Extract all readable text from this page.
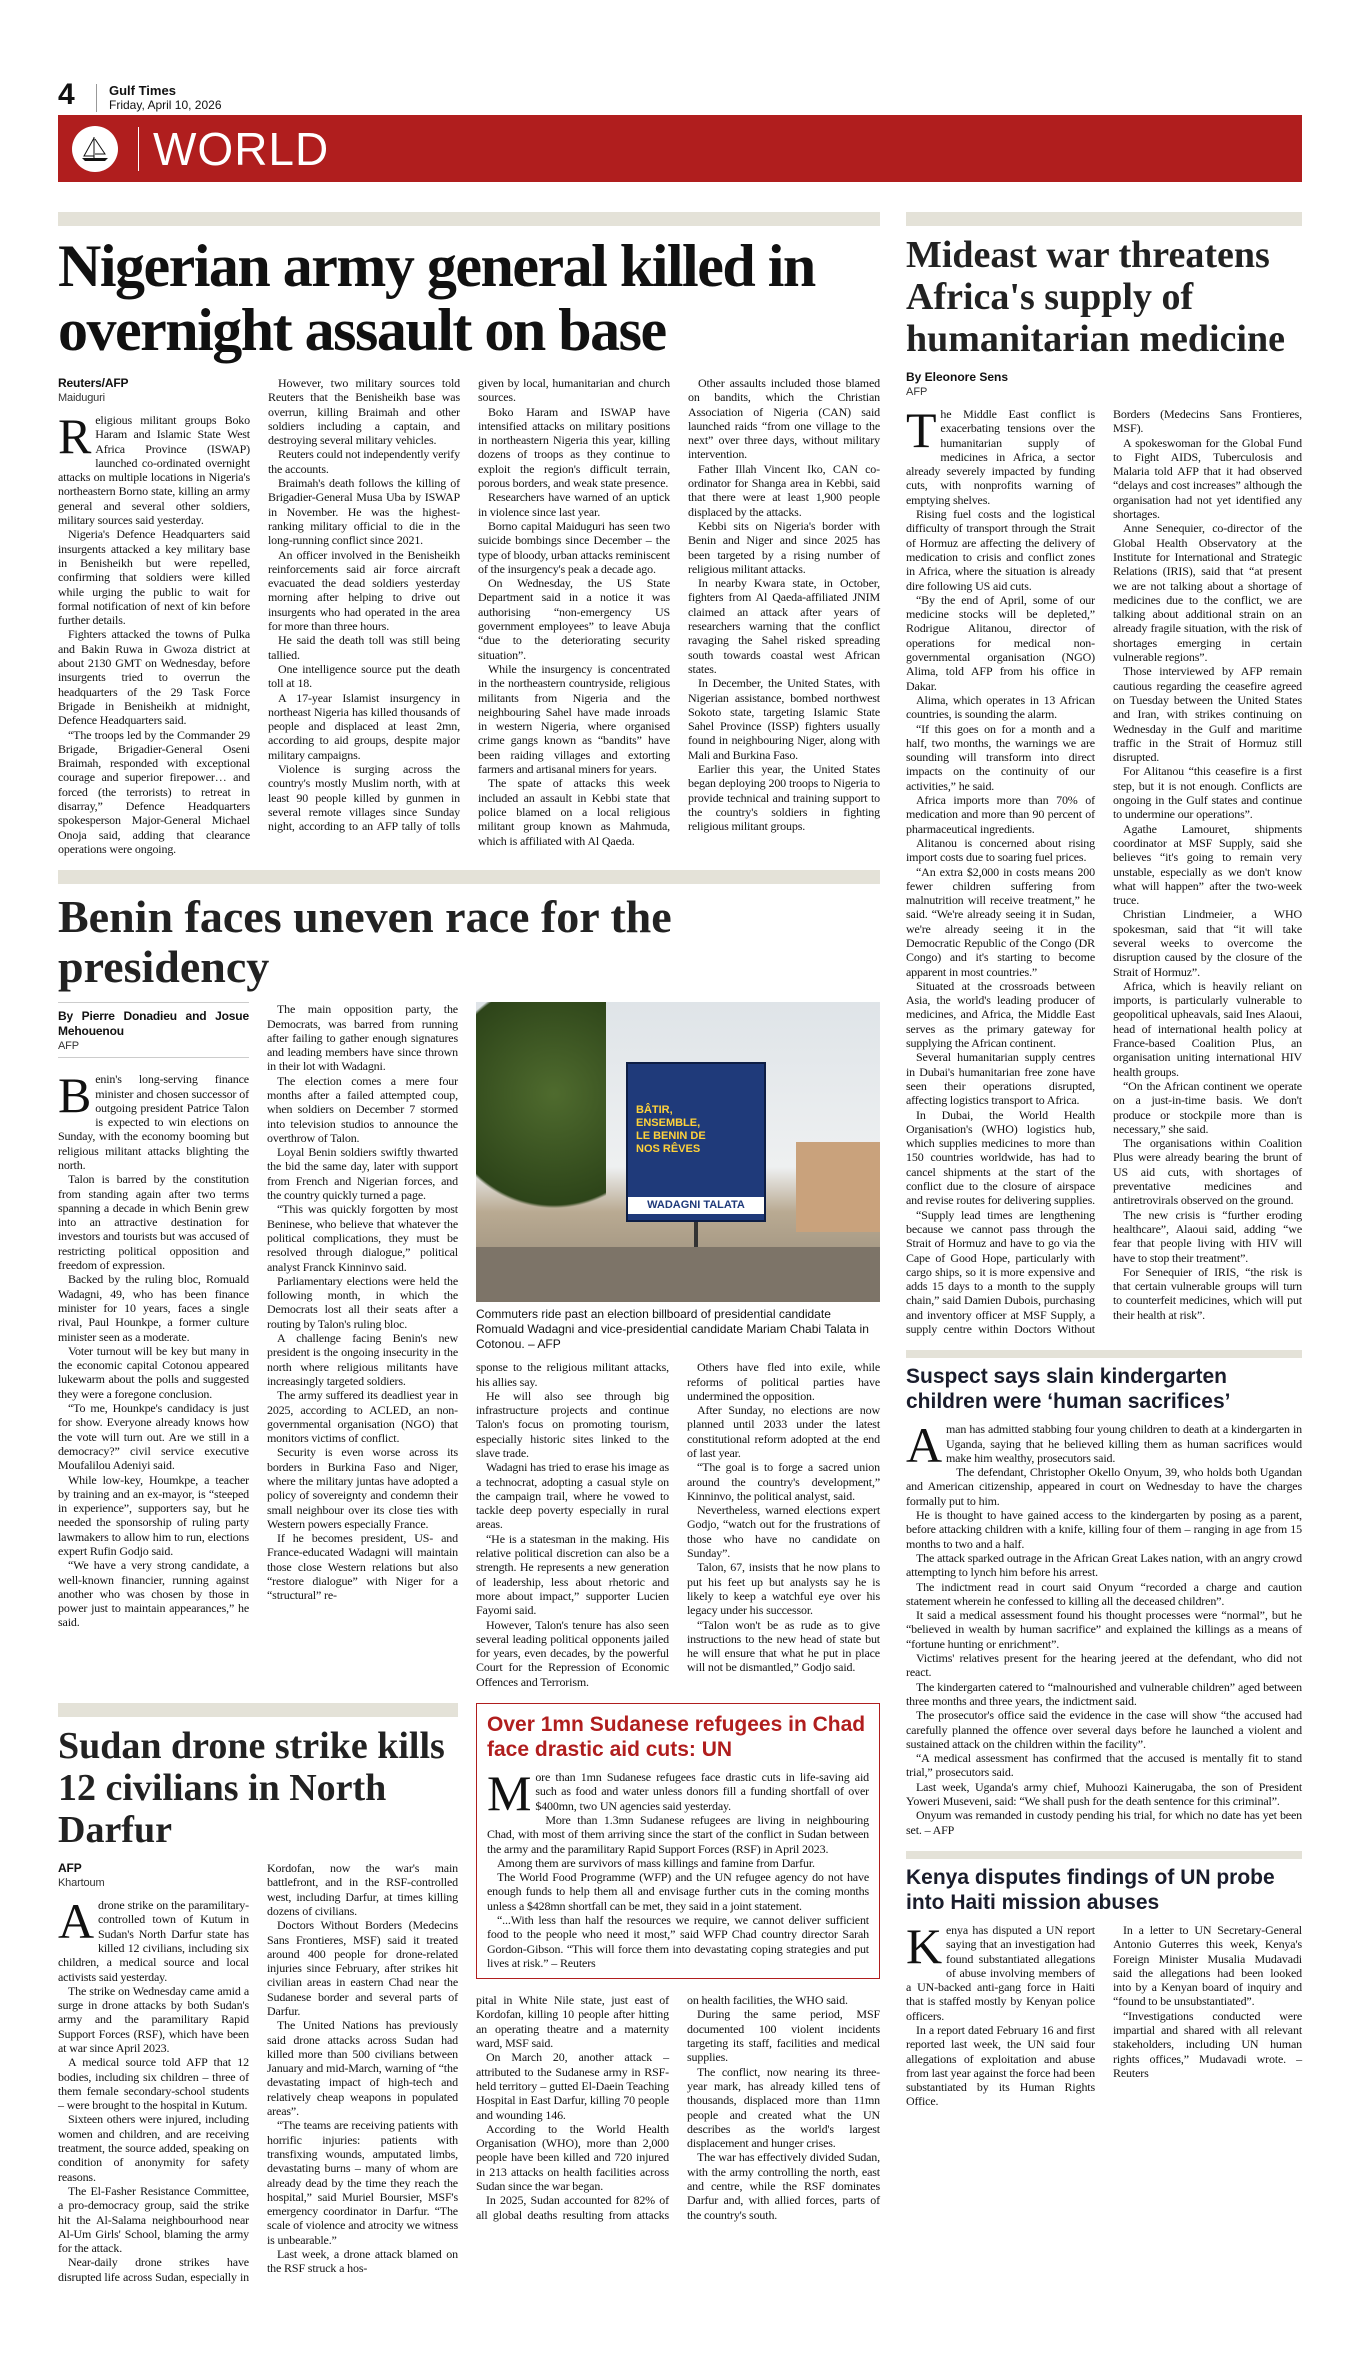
4	Gulf Times
Friday, April 10, 2026
WORLD
Nigerian army general killed in overnight assault on base
Reuters/AFP
Maiduguri

Religious militant groups Boko Haram and Islamic State West Africa Province (ISWAP) launched co-ordinated overnight attacks on multiple locations in Nigeria's northeastern Borno state, killing an army general and several other soldiers, military sources said yesterday.

Nigeria's Defence Headquarters said insurgents attacked a key military base in Benisheikh but were repelled, confirming that soldiers were killed while urging the public to wait for formal notification of next of kin before further details.

Fighters attacked the towns of Pulka and Bakin Ruwa in Gwoza district at about 2130 GMT on Wednesday, before insurgents tried to overrun the headquarters of the 29 Task Force Brigade in Benisheikh at midnight, Defence Headquarters said.

“The troops led by the Commander 29 Brigade, Brigadier-General Oseni Braimah, responded with exceptional courage and superior firepower… and forced (the terrorists) to retreat in disarray,” Defence Headquarters spokesperson Major-General Michael Onoja said, adding that clearance operations were ongoing.

However, two military sources told Reuters that the Benisheikh base was overrun, killing Braimah and other soldiers including a captain, and destroying several military vehicles.

Reuters could not independently verify the accounts.

Braimah's death follows the killing of Brigadier-General Musa Uba by ISWAP in November. He was the highest-ranking military official to die in the long-running conflict since 2021.

An officer involved in the Benisheikh reinforcements said air force aircraft evacuated the dead soldiers yesterday morning after helping to drive out insurgents who had operated in the area for more than three hours.

He said the death toll was still being tallied.

One intelligence source put the death toll at 18.

A 17-year Islamist insurgency in northeast Nigeria has killed thousands of people and displaced at least 2mn, according to aid groups, despite major military campaigns.

Violence is surging across the country's mostly Muslim north, with at least 90 people killed by gunmen in several remote villages since Sunday night, according to an AFP tally of tolls given by local, humanitarian and church sources.

Boko Haram and ISWAP have intensified attacks on military positions in northeastern Nigeria this year, killing dozens of troops as they continue to exploit the region's difficult terrain, porous borders, and weak state presence.

Researchers have warned of an uptick in violence since last year.

Borno capital Maiduguri has seen two suicide bombings since December – the type of bloody, urban attacks reminiscent of the insurgency's peak a decade ago.

On Wednesday, the US State Department said in a notice it was authorising “non-emergency US government employees” to leave Abuja “due to the deteriorating security situation”.

While the insurgency is concentrated in the northeastern countryside, religious militants from Nigeria and the neighbouring Sahel have made inroads in western Nigeria, where organised crime gangs known as “bandits” have been raiding villages and extorting farmers and artisanal miners for years.

The spate of attacks this week included an assault in Kebbi state that police blamed on a local religious militant group known as Mahmuda, which is affiliated with Al Qaeda.

Other assaults included those blamed on bandits, which the Christian Association of Nigeria (CAN) said launched raids “from one village to the next” over three days, without military intervention.

Father Illah Vincent Iko, CAN co-ordinator for Shanga area in Kebbi, said that there were at least 1,900 people displaced by the attacks.

Kebbi sits on Nigeria's border with Benin and Niger and since 2025 has been targeted by a rising number of religious militant attacks.

In nearby Kwara state, in October, fighters from Al Qaeda-affiliated JNIM claimed an attack after years of researchers warning that the conflict ravaging the Sahel risked spreading south towards coastal west African states.

In December, the United States, with Nigerian assistance, bombed northwest Sokoto state, targeting Islamic State Sahel Province (ISSP) fighters usually found in neighbouring Niger, along with Mali and Burkina Faso.

Earlier this year, the United States began deploying 200 troops to Nigeria to provide technical and training support to the country's soldiers in fighting religious militant groups.

Benin faces uneven race for the presidency
By Pierre Donadieu and Josue Mehouenou
AFP

Benin's long-serving finance minister and chosen successor of outgoing president Patrice Talon is expected to win elections on Sunday, with the economy booming but religious militant attacks blighting the north.

Talon is barred by the constitution from standing again after two terms spanning a decade in which Benin grew into an attractive destination for investors and tourists but was accused of restricting political opposition and freedom of expression.

Backed by the ruling bloc, Romuald Wadagni, 49, who has been finance minister for 10 years, faces a single rival, Paul Hounkpe, a former culture minister seen as a moderate.

Voter turnout will be key but many in the economic capital Cotonou appeared lukewarm about the polls and suggested they were a foregone conclusion.

“To me, Hounkpe's candidacy is just for show. Everyone already knows how the vote will turn out. Are we still in a democracy?” civil service executive Moufalilou Adeniyi said.

While low-key, Houmkpe, a teacher by training and an ex-mayor, is “steeped in experience”, supporters say, but he needed the sponsorship of ruling party lawmakers to allow him to run, elections expert Rufin Godjo said.

“We have a very strong candidate, a well-known financier, running against another who was chosen by those in power just to maintain appearances,” he said.

The main opposition party, the Democrats, was barred from running after failing to gather enough signatures and leading members have since thrown in their lot with Wadagni.

The election comes a mere four months after a failed attempted coup, when soldiers on December 7 stormed into television studios to announce the overthrow of Talon.

Loyal Benin soldiers swiftly thwarted the bid the same day, later with support from French and Nigerian forces, and the country quickly turned a page.

“This was quickly forgotten by most Beninese, who believe that whatever the political complications, they must be resolved through dialogue,” political analyst Franck Kinninvo said.

Parliamentary elections were held the following month, in which the Democrats lost all their seats after a routing by Talon's ruling bloc.

A challenge facing Benin's new president is the ongoing insecurity in the north where religious militants have increasingly targeted soldiers.

The army suffered its deadliest year in 2025, according to ACLED, an non-governmental organisation (NGO) that monitors victims of conflict.

Security is even worse across its borders in Burkina Faso and Niger, where the military juntas have adopted a policy of sovereignty and condemn their small neighbour over its close ties with Western powers especially France.

If he becomes president, US- and France-educated Wadagni will maintain those close Western relations but also “restore dialogue” with Niger for a “structural” re-

BÂTIR, ENSEMBLE, LE BENIN DE NOS RÊVES
WADAGNI TALATA
Commuters ride past an election billboard of presidential candidate Romuald Wadagni and vice-presidential candidate Mariam Chabi Talata in Cotonou. – AFP

sponse to the religious militant attacks, his allies say.

He will also see through big infrastructure projects and continue Talon's focus on promoting tourism, especially historic sites linked to the slave trade.

Wadagni has tried to erase his image as a technocrat, adopting a casual style on the campaign trail, where he vowed to tackle deep poverty especially in rural areas.

“He is a statesman in the making. His relative political discretion can also be a strength. He represents a new generation of leadership, less about rhetoric and more about impact,” supporter Lucien Fayomi said.

However, Talon's tenure has also seen several leading political opponents jailed for years, even decades, by the powerful Court for the Repression of Economic Offences and Terrorism.

Others have fled into exile, while reforms of political parties have undermined the opposition.

After Sunday, no elections are now planned until 2033 under the latest constitutional reform adopted at the end of last year.

“The goal is to forge a sacred union around the country's development,” Kinninvo, the political analyst, said.

Nevertheless, warned elections expert Godjo, “watch out for the frustrations of those who have no candidate on Sunday”.

Talon, 67, insists that he now plans to put his feet up but analysts say he is likely to keep a watchful eye over his legacy under his successor.

“Talon won't be as rude as to give instructions to the new head of state but he will ensure that what he put in place will not be dismantled,” Godjo said.

Sudan drone strike kills 12 civilians in North Darfur
AFP
Khartoum

Adrone strike on the paramilitary-controlled town of Kutum in Sudan's North Darfur state has killed 12 civilians, including six children, a medical source and local activists said yesterday.

The strike on Wednesday came amid a surge in drone attacks by both Sudan's army and the paramilitary Rapid Support Forces (RSF), which have been at war since April 2023.

A medical source told AFP that 12 bodies, including six children – three of them female secondary-school students – were brought to the hospital in Kutum.

Sixteen others were injured, including women and children, and are receiving treatment, the source added, speaking on condition of anonymity for safety reasons.

The El-Fasher Resistance Committee, a pro-democracy group, said the strike hit the Al-Salama neighbourhood near Al-Um Girls' School, blaming the army for the attack.

Near-daily drone strikes have disrupted life across Sudan, especially in Kordofan, now the war's main battlefront, and in the RSF-controlled west, including Darfur, at times killing dozens of civilians.

Doctors Without Borders (Medecins Sans Frontieres, MSF) said it treated around 400 people for drone-related injuries since February, after strikes hit civilian areas in eastern Chad near the Sudanese border and several parts of Darfur.

The United Nations has previously said drone attacks across Sudan had killed more than 500 civilians between January and mid-March, warning of “the devastating impact of high-tech and relatively cheap weapons in populated areas”.

“The teams are receiving patients with horrific injuries: patients with transfixing wounds, amputated limbs, devastating burns – many of whom are already dead by the time they reach the hospital,” said Muriel Boursier, MSF's emergency coordinator in Darfur. “The scale of violence and atrocity we witness is unbearable.”

Last week, a drone attack blamed on the RSF struck a hos-

Over 1mn Sudanese refugees in Chad face drastic aid cuts: UN

More than 1mn Sudanese refugees face drastic cuts in life-saving aid such as food and water unless donors fill a funding shortfall of over $400mn, two UN agencies said yesterday.

More than 1.3mn Sudanese refugees are living in neighbouring Chad, with most of them arriving since the start of the conflict in Sudan between the army and the paramilitary Rapid Support Forces (RSF) in April 2023.

Among them are survivors of mass killings and famine from Darfur.

The World Food Programme (WFP) and the UN refugee agency do not have enough funds to help them all and envisage further cuts in the coming months unless a $428mn shortfall can be met, they said in a joint statement.

“...With less than half the resources we require, we cannot deliver sufficient food to the people who need it most,” said WFP Chad country director Sarah Gordon-Gibson. “This will force them into devastating coping strategies and put lives at risk.” – Reuters

pital in White Nile state, just east of Kordofan, killing 10 people after hitting an operating theatre and a maternity ward, MSF said.

On March 20, another attack – attributed to the Sudanese army in RSF-held territory – gutted El-Daein Teaching Hospital in East Darfur, killing 70 people and wounding 146.

According to the World Health Organisation (WHO), more than 2,000 people have been killed and 720 injured in 213 attacks on health facilities across Sudan since the war began.

In 2025, Sudan accounted for 82% of all global deaths resulting from attacks on health facilities, the WHO said.

During the same period, MSF documented 100 violent incidents targeting its staff, facilities and medical supplies.

The conflict, now nearing its three-year mark, has already killed tens of thousands, displaced more than 11mn people and created what the UN describes as the world's largest displacement and hunger crises.

The war has effectively divided Sudan, with the army controlling the north, east and centre, while the RSF dominates Darfur and, with allied forces, parts of the country's south.

Mideast war threatens Africa's supply of humanitarian medicine
By Eleonore Sens
AFP

The Middle East conflict is exacerbating tensions over the humanitarian supply of medicines in Africa, a sector already severely impacted by funding cuts, with nonprofits warning of emptying shelves.

Rising fuel costs and the logistical difficulty of transport through the Strait of Hormuz are affecting the delivery of medication to crisis and conflict zones in Africa, where the situation is already dire following US aid cuts.

“By the end of April, some of our medicine stocks will be depleted,” Rodrigue Alitanou, director of operations for medical non-governmental organisation (NGO) Alima, told AFP from his office in Dakar.

Alima, which operates in 13 African countries, is sounding the alarm.

“If this goes on for a month and a half, two months, the warnings we are sounding will transform into direct impacts on the continuity of our activities,” he said.

Africa imports more than 70% of medication and more than 90 percent of pharmaceutical ingredients.

Alitanou is concerned about rising import costs due to soaring fuel prices.

“An extra $2,000 in costs means 200 fewer children suffering from malnutrition will receive treatment,” he said. “We're already seeing it in Sudan, we're already seeing it in the Democratic Republic of the Congo (DR Congo) and it's starting to become apparent in most countries.”

Situated at the crossroads between Asia, the world's leading producer of medicines, and Africa, the Middle East serves as the primary gateway for supplying the African continent.

Several humanitarian supply centres in Dubai's humanitarian free zone have seen their operations disrupted, affecting logistics transport to Africa.

In Dubai, the World Health Organisation's (WHO) logistics hub, which supplies medicines to more than 150 countries worldwide, has had to cancel shipments at the start of the conflict due to the closure of airspace and revise routes for delivering supplies.

“Supply lead times are lengthening because we cannot pass through the Strait of Hormuz and have to go via the Cape of Good Hope, particularly with cargo ships, so it is more expensive and adds 15 days to a month to the supply chain,” said Damien Dubois, purchasing and inventory officer at MSF Supply, a supply centre within Doctors Without Borders (Medecins Sans Frontieres, MSF).

A spokeswoman for the Global Fund to Fight AIDS, Tuberculosis and Malaria told AFP that it had observed “delays and cost increases” although the organisation had not yet identified any shortages.

Anne Senequier, co-director of the Global Health Observatory at the Institute for International and Strategic Relations (IRIS), said that “at present we are not talking about a shortage of medicines due to the conflict, we are talking about additional strain on an already fragile situation, with the risk of shortages emerging in certain vulnerable regions”.

Those interviewed by AFP remain cautious regarding the ceasefire agreed on Tuesday between the United States and Iran, with strikes continuing on Wednesday in the Gulf and maritime traffic in the Strait of Hormuz still disrupted.

For Alitanou “this ceasefire is a first step, but it is not enough. Conflicts are ongoing in the Gulf states and continue to undermine our operations”.

Agathe Lamouret, shipments coordinator at MSF Supply, said she believes “it's going to remain very unstable, especially as we don't know what will happen” after the two-week truce.

Christian Lindmeier, a WHO spokesman, said that “it will take several weeks to overcome the disruption caused by the closure of the Strait of Hormuz”.

Africa, which is heavily reliant on imports, is particularly vulnerable to geopolitical upheavals, said Ines Alaoui, head of international health policy at France-based Coalition Plus, an organisation uniting international HIV health groups.

“On the African continent we operate on a just-in-time basis. We don't produce or stockpile more than is necessary,” she said.

The organisations within Coalition Plus were already bearing the brunt of US aid cuts, with shortages of preventative medicines and antiretrovirals observed on the ground.

The new crisis is “further eroding healthcare”, Alaoui said, adding “we fear that people living with HIV will have to stop their treatment”.

For Senequier of IRIS, “the risk is that certain vulnerable groups will turn to counterfeit medicines, which will put their health at risk”.

Suspect says slain kindergarten children were ‘human sacrifices’

Aman has admitted stabbing four young children to death at a kindergarten in Uganda, saying that he believed killing them as human sacrifices would make him wealthy, prosecutors said.

The defendant, Christopher Okello Onyum, 39, who holds both Ugandan and American citizenship, appeared in court on Wednesday to have the charges formally put to him.

He is thought to have gained access to the kindergarten by posing as a parent, before attacking children with a knife, killing four of them – ranging in age from 15 months to two and a half.

The attack sparked outrage in the African Great Lakes nation, with an angry crowd attempting to lynch him before his arrest.

The indictment read in court said Onyum “recorded a charge and caution statement wherein he confessed to killing all the deceased children”.

It said a medical assessment found his thought processes were “normal”, but he “believed in wealth by human sacrifice” and explained the killings as a means of “fortune hunting or enrichment”.

Victims' relatives present for the hearing jeered at the defendant, who did not react.

The kindergarten catered to “malnourished and vulnerable children” aged between three months and three years, the indictment said.

The prosecutor's office said the evidence in the case will show “the accused had carefully planned the offence over several days before he launched a violent and sustained attack on the children within the facility”.

“A medical assessment has confirmed that the accused is mentally fit to stand trial,” prosecutors said.

Last week, Uganda's army chief, Muhoozi Kainerugaba, the son of President Yoweri Museveni, said: “We shall push for the death sentence for this criminal”.

Onyum was remanded in custody pending his trial, for which no date has yet been set. – AFP

Kenya disputes findings of UN probe into Haiti mission abuses

Kenya has disputed a UN report saying that an investigation had found substantiated allegations of abuse involving members of a UN-backed anti-gang force in Haiti that is staffed mostly by Kenyan police officers.

In a report dated February 16 and first reported last week, the UN said four allegations of exploitation and abuse from last year against the force had been substantiated by its Human Rights Office.

In a letter to UN Secretary-General Antonio Guterres this week, Kenya's Foreign Minister Musalia Mudavadi said the allegations had been looked into by a Kenyan board of inquiry and “found to be unsubstantiated”.

“Investigations conducted were impartial and shared with all relevant stakeholders, including UN human rights offices,” Mudavadi wrote. – Reuters
